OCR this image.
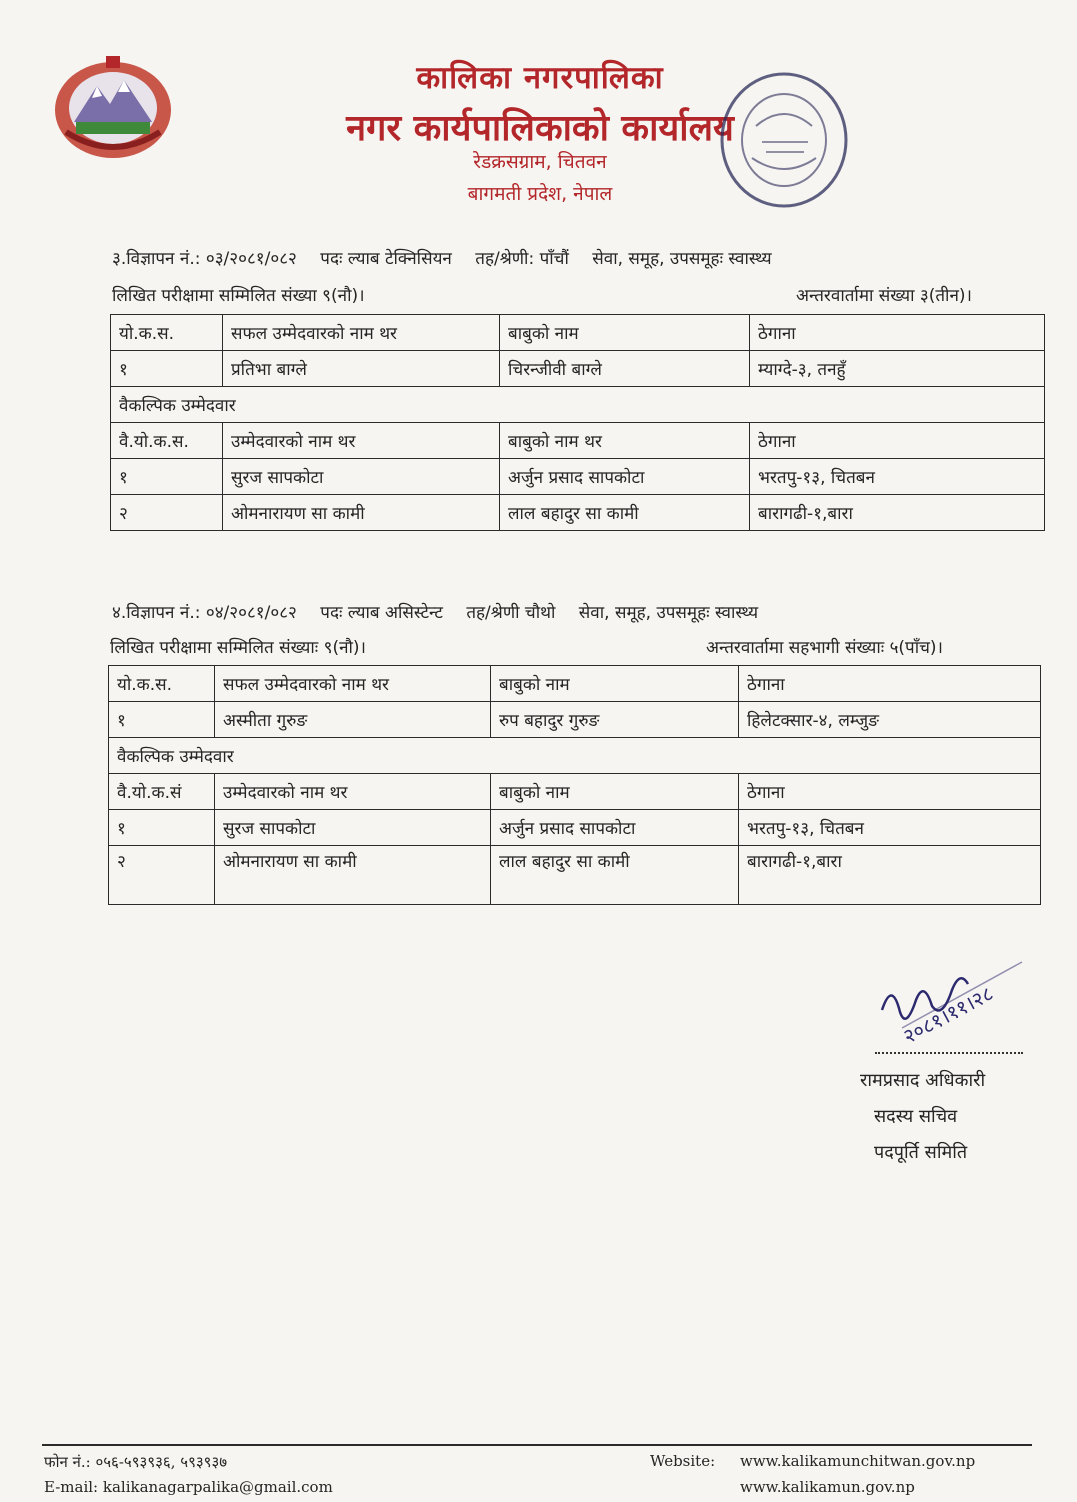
कालिका नगरपालिका
नगर कार्यपालिकाको कार्यालय
रेडक्रसग्राम, चितवन
बागमती प्रदेश, नेपाल
३.विज्ञापन नं.: ०३/२०८१/०८२ पदः ल्याब टेक्निसियन तह/श्रेणी: पाँचौं सेवा, समूह, उपसमूहः स्वास्थ्य
लिखित परीक्षामा सम्मिलित संख्या ९(नौ)।	अन्तरवार्तामा संख्या ३(तीन)।
यो.क.स.	सफल उम्मेदवारको नाम थर	बाबुको नाम	ठेगाना
१	प्रतिभा बाग्ले	चिरन्जीवी बाग्ले	म्याग्दे-३, तनहुँ
वैकल्पिक उम्मेदवार			
वै.यो.क.स.	उम्मेदवारको नाम थर	बाबुको नाम थर	ठेगाना
१	सुरज सापकोटा	अर्जुन प्रसाद सापकोटा	भरतपु-१३, चितबन
२	ओमनारायण सा कामी	लाल बहादुर सा कामी	बारागढी-१,बारा
४.विज्ञापन नं.: ०४/२०८१/०८२ पदः ल्याब असिस्टेन्ट तह/श्रेणी चौथो सेवा, समूह, उपसमूहः स्वास्थ्य
लिखित परीक्षामा सम्मिलित संख्याः ९(नौ)।	अन्तरवार्तामा सहभागी संख्याः ५(पाँच)।
यो.क.स.	सफल उम्मेदवारको नाम थर	बाबुको नाम	ठेगाना
१	अस्मीता गुरुङ	रुप बहादुर गुरुङ	हिलेटक्सार-४, लम्जुङ
वैकल्पिक उम्मेदवार			
वै.यो.क.सं	उम्मेदवारको नाम थर	बाबुको नाम	ठेगाना
१	सुरज सापकोटा	अर्जुन प्रसाद सापकोटा	भरतपु-१३, चितबन
२	ओमनारायण सा कामी	लाल बहादुर सा कामी	बारागढी-१,बारा
२०८१।११।२८
रामप्रसाद अधिकारी
सदस्य सचिव
पदपूर्ति समिति
फोन नं.: ०५६-५९३९३६, ५९३९३७
E-mail: kalikanagarpalika@gmail.com
Website: www.kalikamunchitwan.gov.np
www.kalikamun.gov.np
